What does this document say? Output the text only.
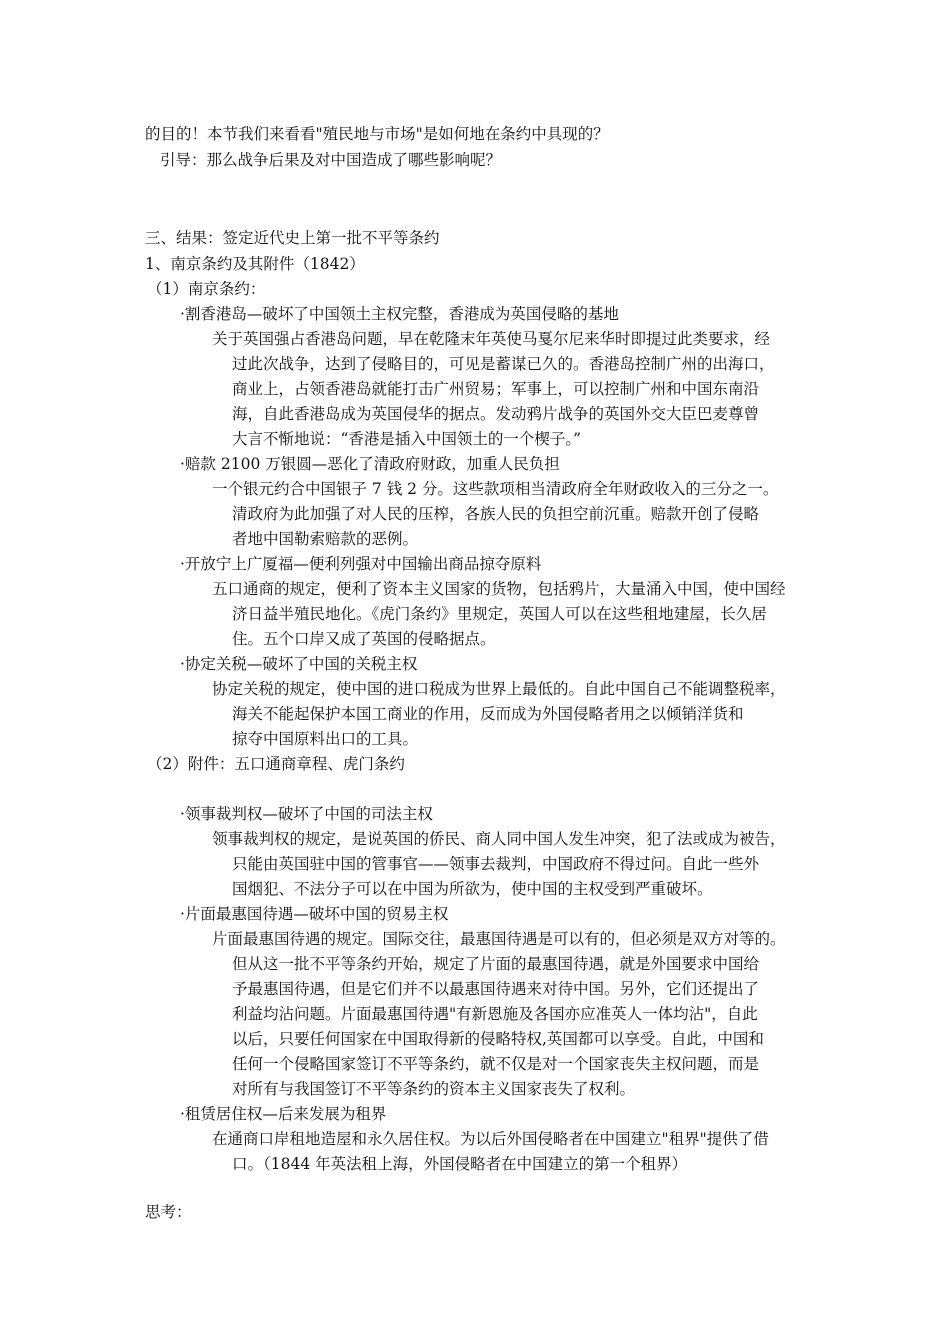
的目的！本节我们来看看"殖民地与市场"是如何地在条约中具现的？
引导：那么战争后果及对中国造成了哪些影响呢？
三、结果：签定近代史上第一批不平等条约
1、南京条约及其附件（1842）
（1）南京条约：
·割香港岛—破坏了中国领土主权完整，香港成为英国侵略的基地
关于英国强占香港岛问题，早在乾隆末年英使马戛尔尼来华时即提过此类要求，经
过此次战争，达到了侵略目的，可见是蓄谋已久的。香港岛控制广州的出海口，
商业上，占领香港岛就能打击广州贸易；军事上，可以控制广州和中国东南沿
海，自此香港岛成为英国侵华的据点。发动鸦片战争的英国外交大臣巴麦尊曾
大言不惭地说：“香港是插入中国领土的一个楔子。”
·赔款 2100 万银圆—恶化了清政府财政，加重人民负担
一个银元约合中国银子 7 钱 2 分。这些款项相当清政府全年财政收入的三分之一。
清政府为此加强了对人民的压榨，各族人民的负担空前沉重。赔款开创了侵略
者地中国勒索赔款的恶例。
·开放宁上广厦福—便利列强对中国输出商品掠夺原料
五口通商的规定，便利了资本主义国家的货物，包括鸦片，大量涌入中国，使中国经
济日益半殖民地化。《虎门条约》里规定，英国人可以在这些租地建屋，长久居
住。五个口岸又成了英国的侵略据点。
·协定关税—破坏了中国的关税主权
协定关税的规定，使中国的进口税成为世界上最低的。自此中国自己不能调整税率，
海关不能起保护本国工商业的作用，反而成为外国侵略者用之以倾销洋货和
掠夺中国原料出口的工具。
（2）附件：五口通商章程、虎门条约
·领事裁判权—破坏了中国的司法主权
领事裁判权的规定，是说英国的侨民、商人同中国人发生冲突，犯了法或成为被告，
只能由英国驻中国的管事官——领事去裁判，中国政府不得过问。自此一些外
国烟犯、不法分子可以在中国为所欲为，使中国的主权受到严重破坏。
·片面最惠国待遇—破坏中国的贸易主权
片面最惠国待遇的规定。国际交往，最惠国待遇是可以有的，但必须是双方对等的。
但从这一批不平等条约开始，规定了片面的最惠国待遇，就是外国要求中国给
予最惠国待遇，但是它们并不以最惠国待遇来对待中国。另外，它们还提出了
利益均沾问题。片面最惠国待遇"有新恩施及各国亦应准英人一体均沾"，自此
以后，只要任何国家在中国取得新的侵略特权,英国都可以享受。自此，中国和
任何一个侵略国家签订不平等条约，就不仅是对一个国家丧失主权问题，而是
对所有与我国签订不平等条约的资本主义国家丧失了权利。
·租赁居住权—后来发展为租界
在通商口岸租地造屋和永久居住权。为以后外国侵略者在中国建立"租界"提供了借
口。（1844 年英法租上海，外国侵略者在中国建立的第一个租界）
思考：
